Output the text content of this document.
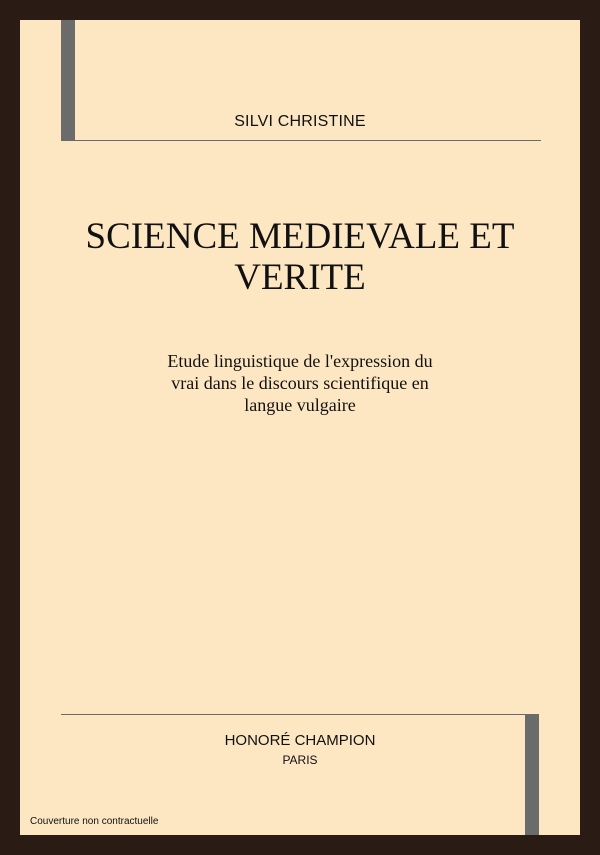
SILVI CHRISTINE
SCIENCE MEDIEVALE ET
VERITE
Etude linguistique de l'expression du
vrai dans le discours scientifique en
langue vulgaire
HONORÉ CHAMPION
PARIS
Couverture non contractuelle
